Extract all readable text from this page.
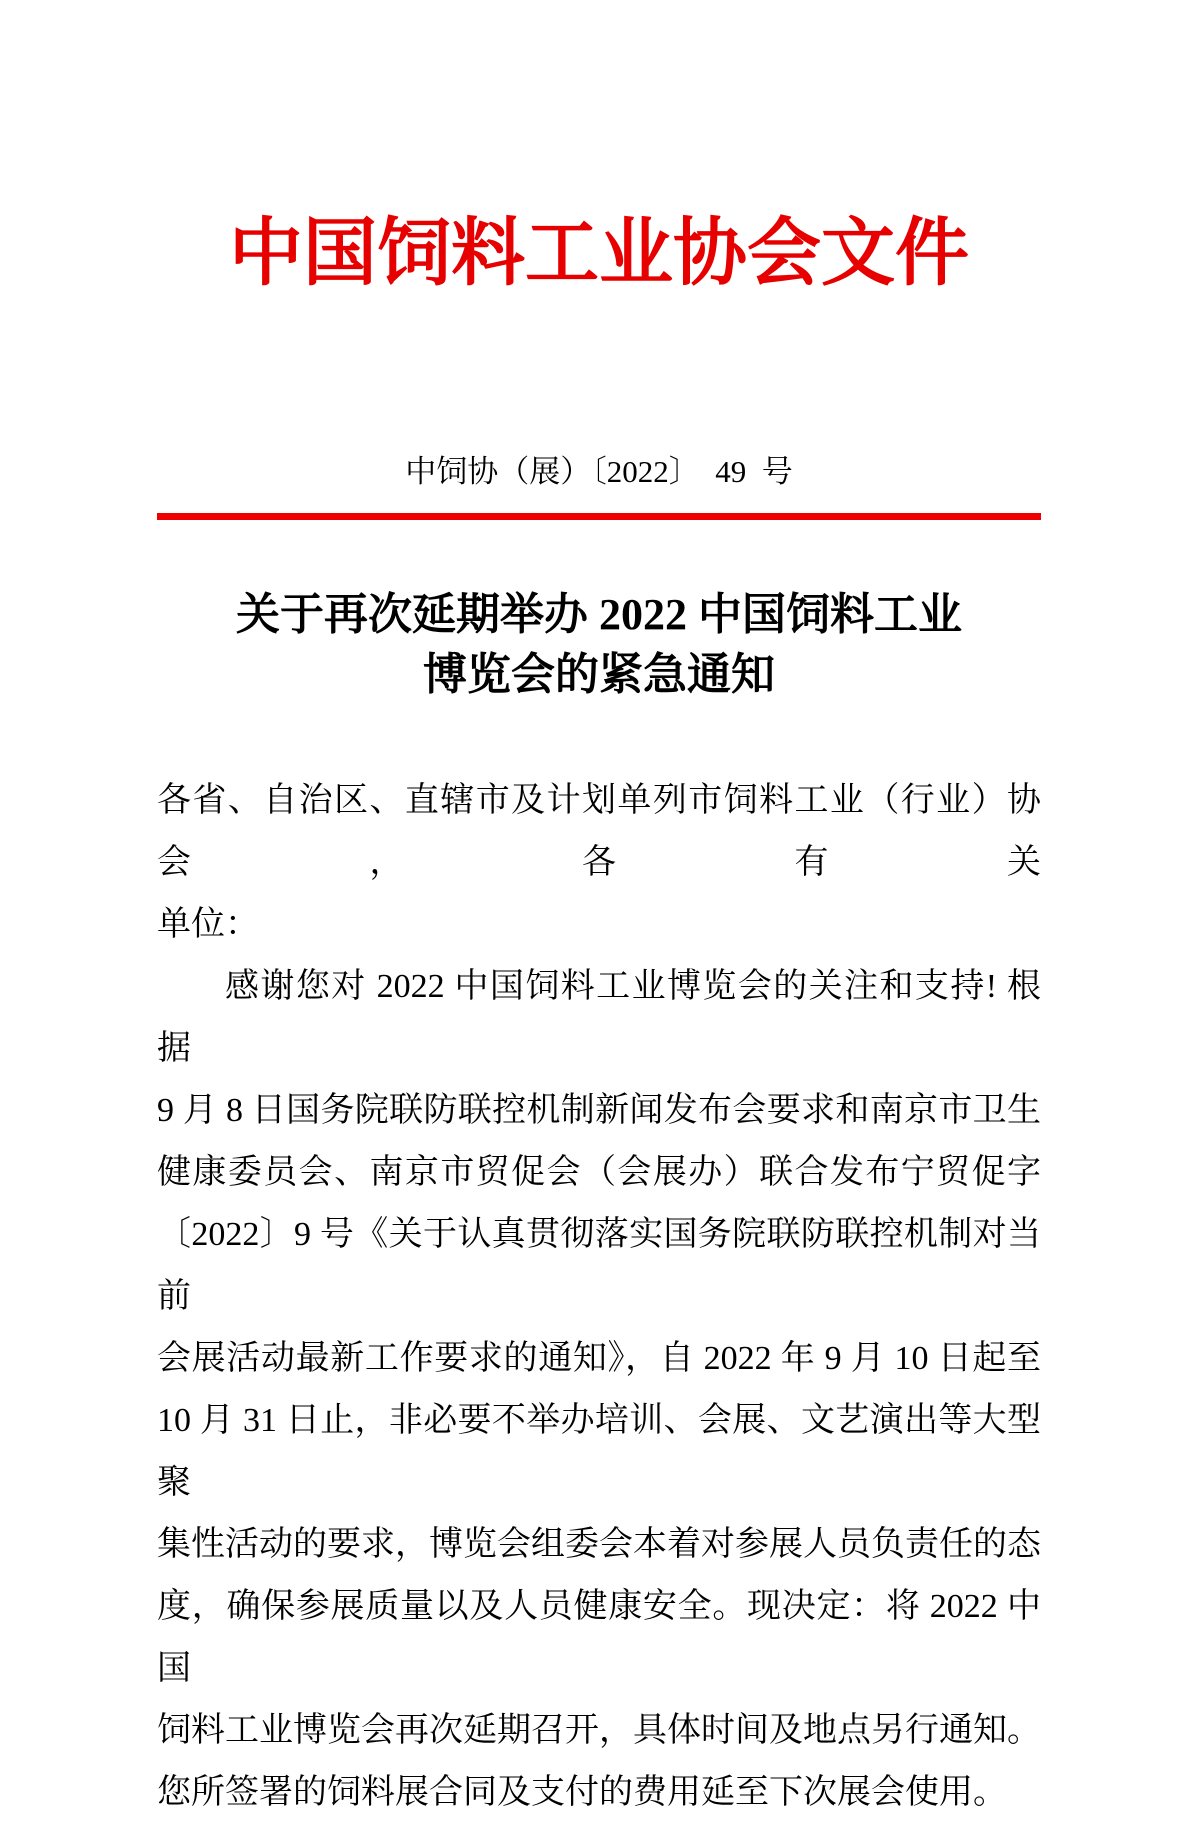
中国饲料工业协会文件
中饲协（展）〔2022〕  49  号
关于再次延期举办 2022 中国饲料工业
博览会的紧急通知
各省、自治区、直辖市及计划单列市饲料工业（行业）协会，各有关
单位：
感谢您对 2022 中国饲料工业博览会的关注和支持! 根据
9 月 8 日国务院联防联控机制新闻发布会要求和南京市卫生
健康委员会、南京市贸促会（会展办）联合发布宁贸促字
〔2022〕9 号《关于认真贯彻落实国务院联防联控机制对当前
会展活动最新工作要求的通知》，自 2022 年 9 月 10 日起至
10 月 31 日止，非必要不举办培训、会展、文艺演出等大型聚
集性活动的要求，博览会组委会本着对参展人员负责任的态
度，确保参展质量以及人员健康安全。现决定：将 2022 中国
饲料工业博览会再次延期召开，具体时间及地点另行通知。
您所签署的饲料展合同及支付的费用延至下次展会使用。
